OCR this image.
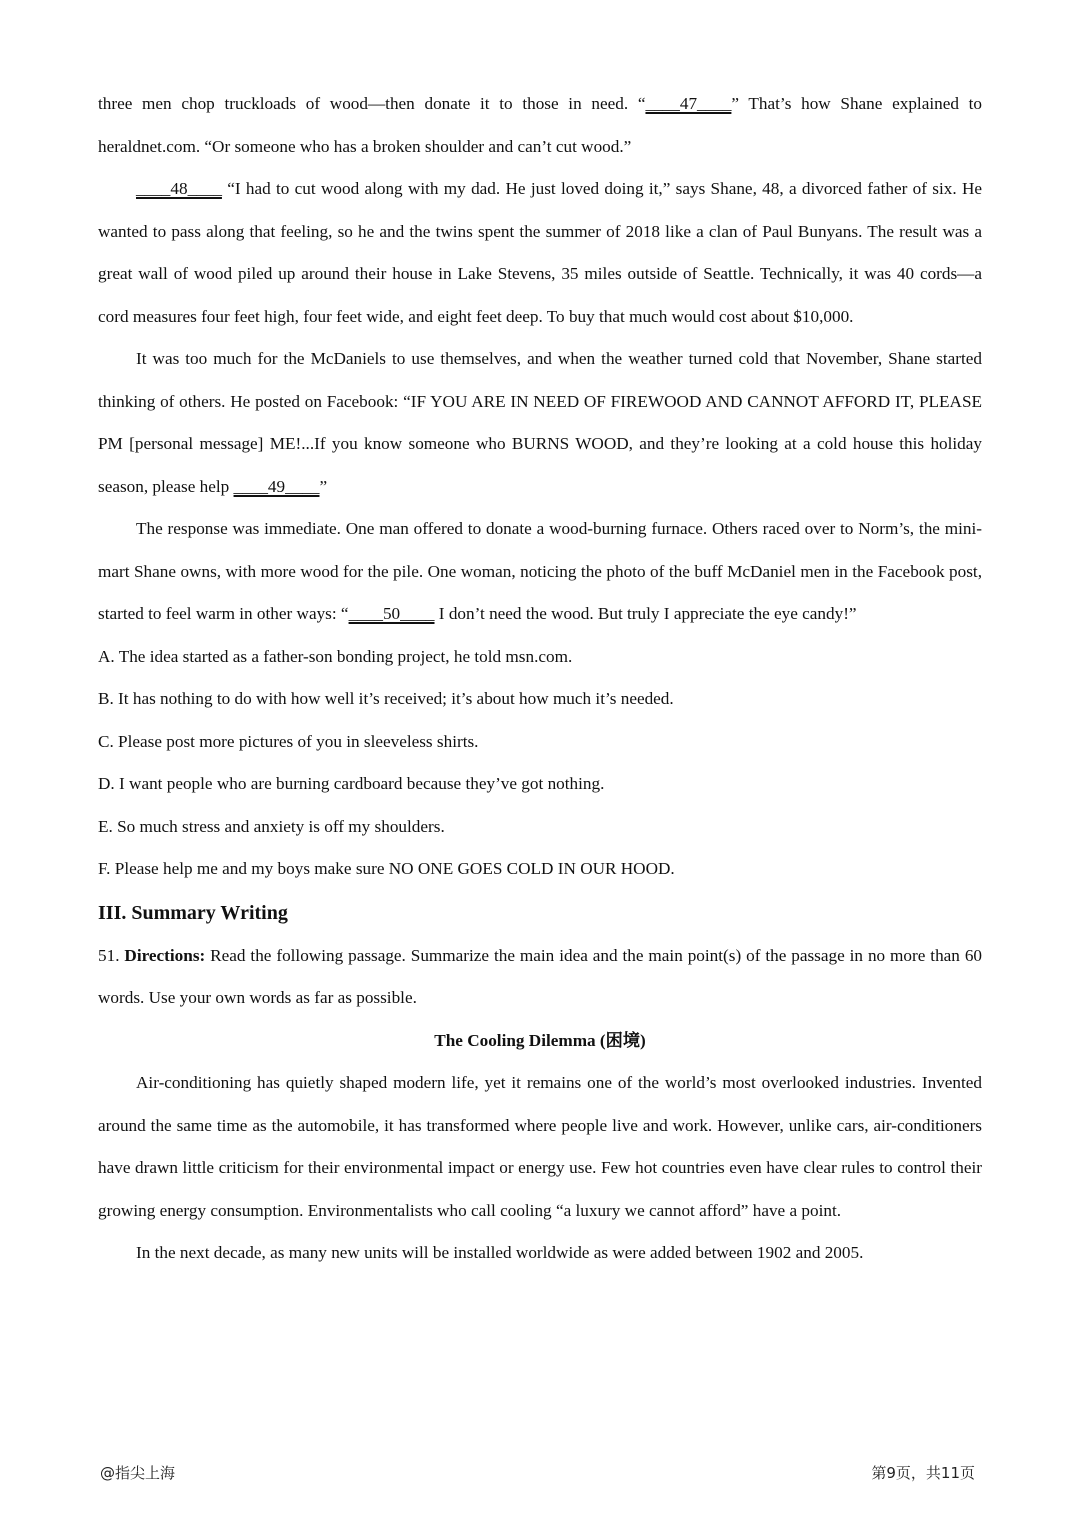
three men chop truckloads of wood—then donate it to those in need. “____47____” That’s how Shane explained to heraldnet.com. “Or someone who has a broken shoulder and can’t cut wood.”

____48____ “I had to cut wood along with my dad. He just loved doing it,” says Shane, 48, a divorced father of six. He wanted to pass along that feeling, so he and the twins spent the summer of 2018 like a clan of Paul Bunyans. The result was a great wall of wood piled up around their house in Lake Stevens, 35 miles outside of Seattle. Technically, it was 40 cords—a cord measures four feet high, four feet wide, and eight feet deep. To buy that much would cost about $10,000.

It was too much for the McDaniels to use themselves, and when the weather turned cold that November, Shane started thinking of others. He posted on Facebook: “IF YOU ARE IN NEED OF FIREWOOD AND CANNOT AFFORD IT, PLEASE PM [personal message] ME!...If you know someone who BURNS WOOD, and they’re looking at a cold house this holiday season, please help ____49____”

The response was immediate. One man offered to donate a wood-burning furnace. Others raced over to Norm’s, the mini-mart Shane owns, with more wood for the pile. One woman, noticing the photo of the buff McDaniel men in the Facebook post, started to feel warm in other ways: “____50____ I don’t need the wood. But truly I appreciate the eye candy!”

A. The idea started as a father-son bonding project, he told msn.com.

B. It has nothing to do with how well it’s received; it’s about how much it’s needed.

C. Please post more pictures of you in sleeveless shirts.

D. I want people who are burning cardboard because they’ve got nothing.

E. So much stress and anxiety is off my shoulders.

F. Please help me and my boys make sure NO ONE GOES COLD IN OUR HOOD.

III. Summary Writing

51. Directions: Read the following passage. Summarize the main idea and the main point(s) of the passage in no more than 60 words. Use your own words as far as possible.

The Cooling Dilemma (困境)

Air-conditioning has quietly shaped modern life, yet it remains one of the world’s most overlooked industries. Invented around the same time as the automobile, it has transformed where people live and work. However, unlike cars, air-conditioners have drawn little criticism for their environmental impact or energy use. Few hot countries even have clear rules to control their growing energy consumption. Environmentalists who call cooling “a luxury we cannot afford” have a point.

In the next decade, as many new units will be installed worldwide as were added between 1902 and 2005.

@指尖上海	第9页，共11页
